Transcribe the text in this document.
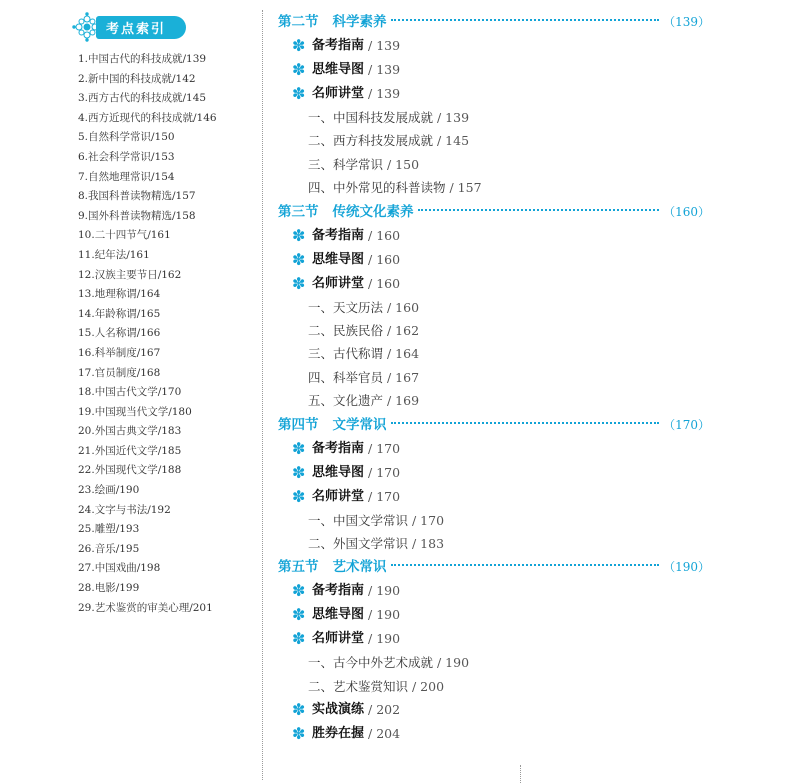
考点索引
1.中国古代的科技成就/139
2.新中国的科技成就/142
3.西方古代的科技成就/145
4.西方近现代的科技成就/146
5.自然科学常识/150
6.社会科学常识/153
7.自然地理常识/154
8.我国科普读物精选/157
9.国外科普读物精选/158
10.二十四节气/161
11.纪年法/161
12.汉族主要节日/162
13.地理称谓/164
14.年龄称谓/165
15.人名称谓/166
16.科举制度/167
17.官员制度/168
18.中国古代文学/170
19.中国现当代文学/180
20.外国古典文学/183
21.外国近代文学/185
22.外国现代文学/188
23.绘画/190
24.文字与书法/192
25.雕塑/193
26.音乐/195
27.中国戏曲/198
28.电影/199
29.艺术鉴赏的审美心理/201
第二节 科学素养	（139）
✽ 备考指南 / 139
✽ 思维导图 / 139
✽ 名师讲堂 / 139
一、中国科技发展成就 / 139
二、西方科技发展成就 / 145
三、科学常识 / 150
四、中外常见的科普读物 / 157
第三节 传统文化素养	（160）
✽ 备考指南 / 160
✽ 思维导图 / 160
✽ 名师讲堂 / 160
一、天文历法 / 160
二、民族民俗 / 162
三、古代称谓 / 164
四、科举官员 / 167
五、文化遗产 / 169
第四节 文学常识	（170）
✽ 备考指南 / 170
✽ 思维导图 / 170
✽ 名师讲堂 / 170
一、中国文学常识 / 170
二、外国文学常识 / 183
第五节 艺术常识	（190）
✽ 备考指南 / 190
✽ 思维导图 / 190
✽ 名师讲堂 / 190
一、古今中外艺术成就 / 190
二、艺术鉴赏知识 / 200
✽ 实战演练 / 202
✽ 胜券在握 / 204
